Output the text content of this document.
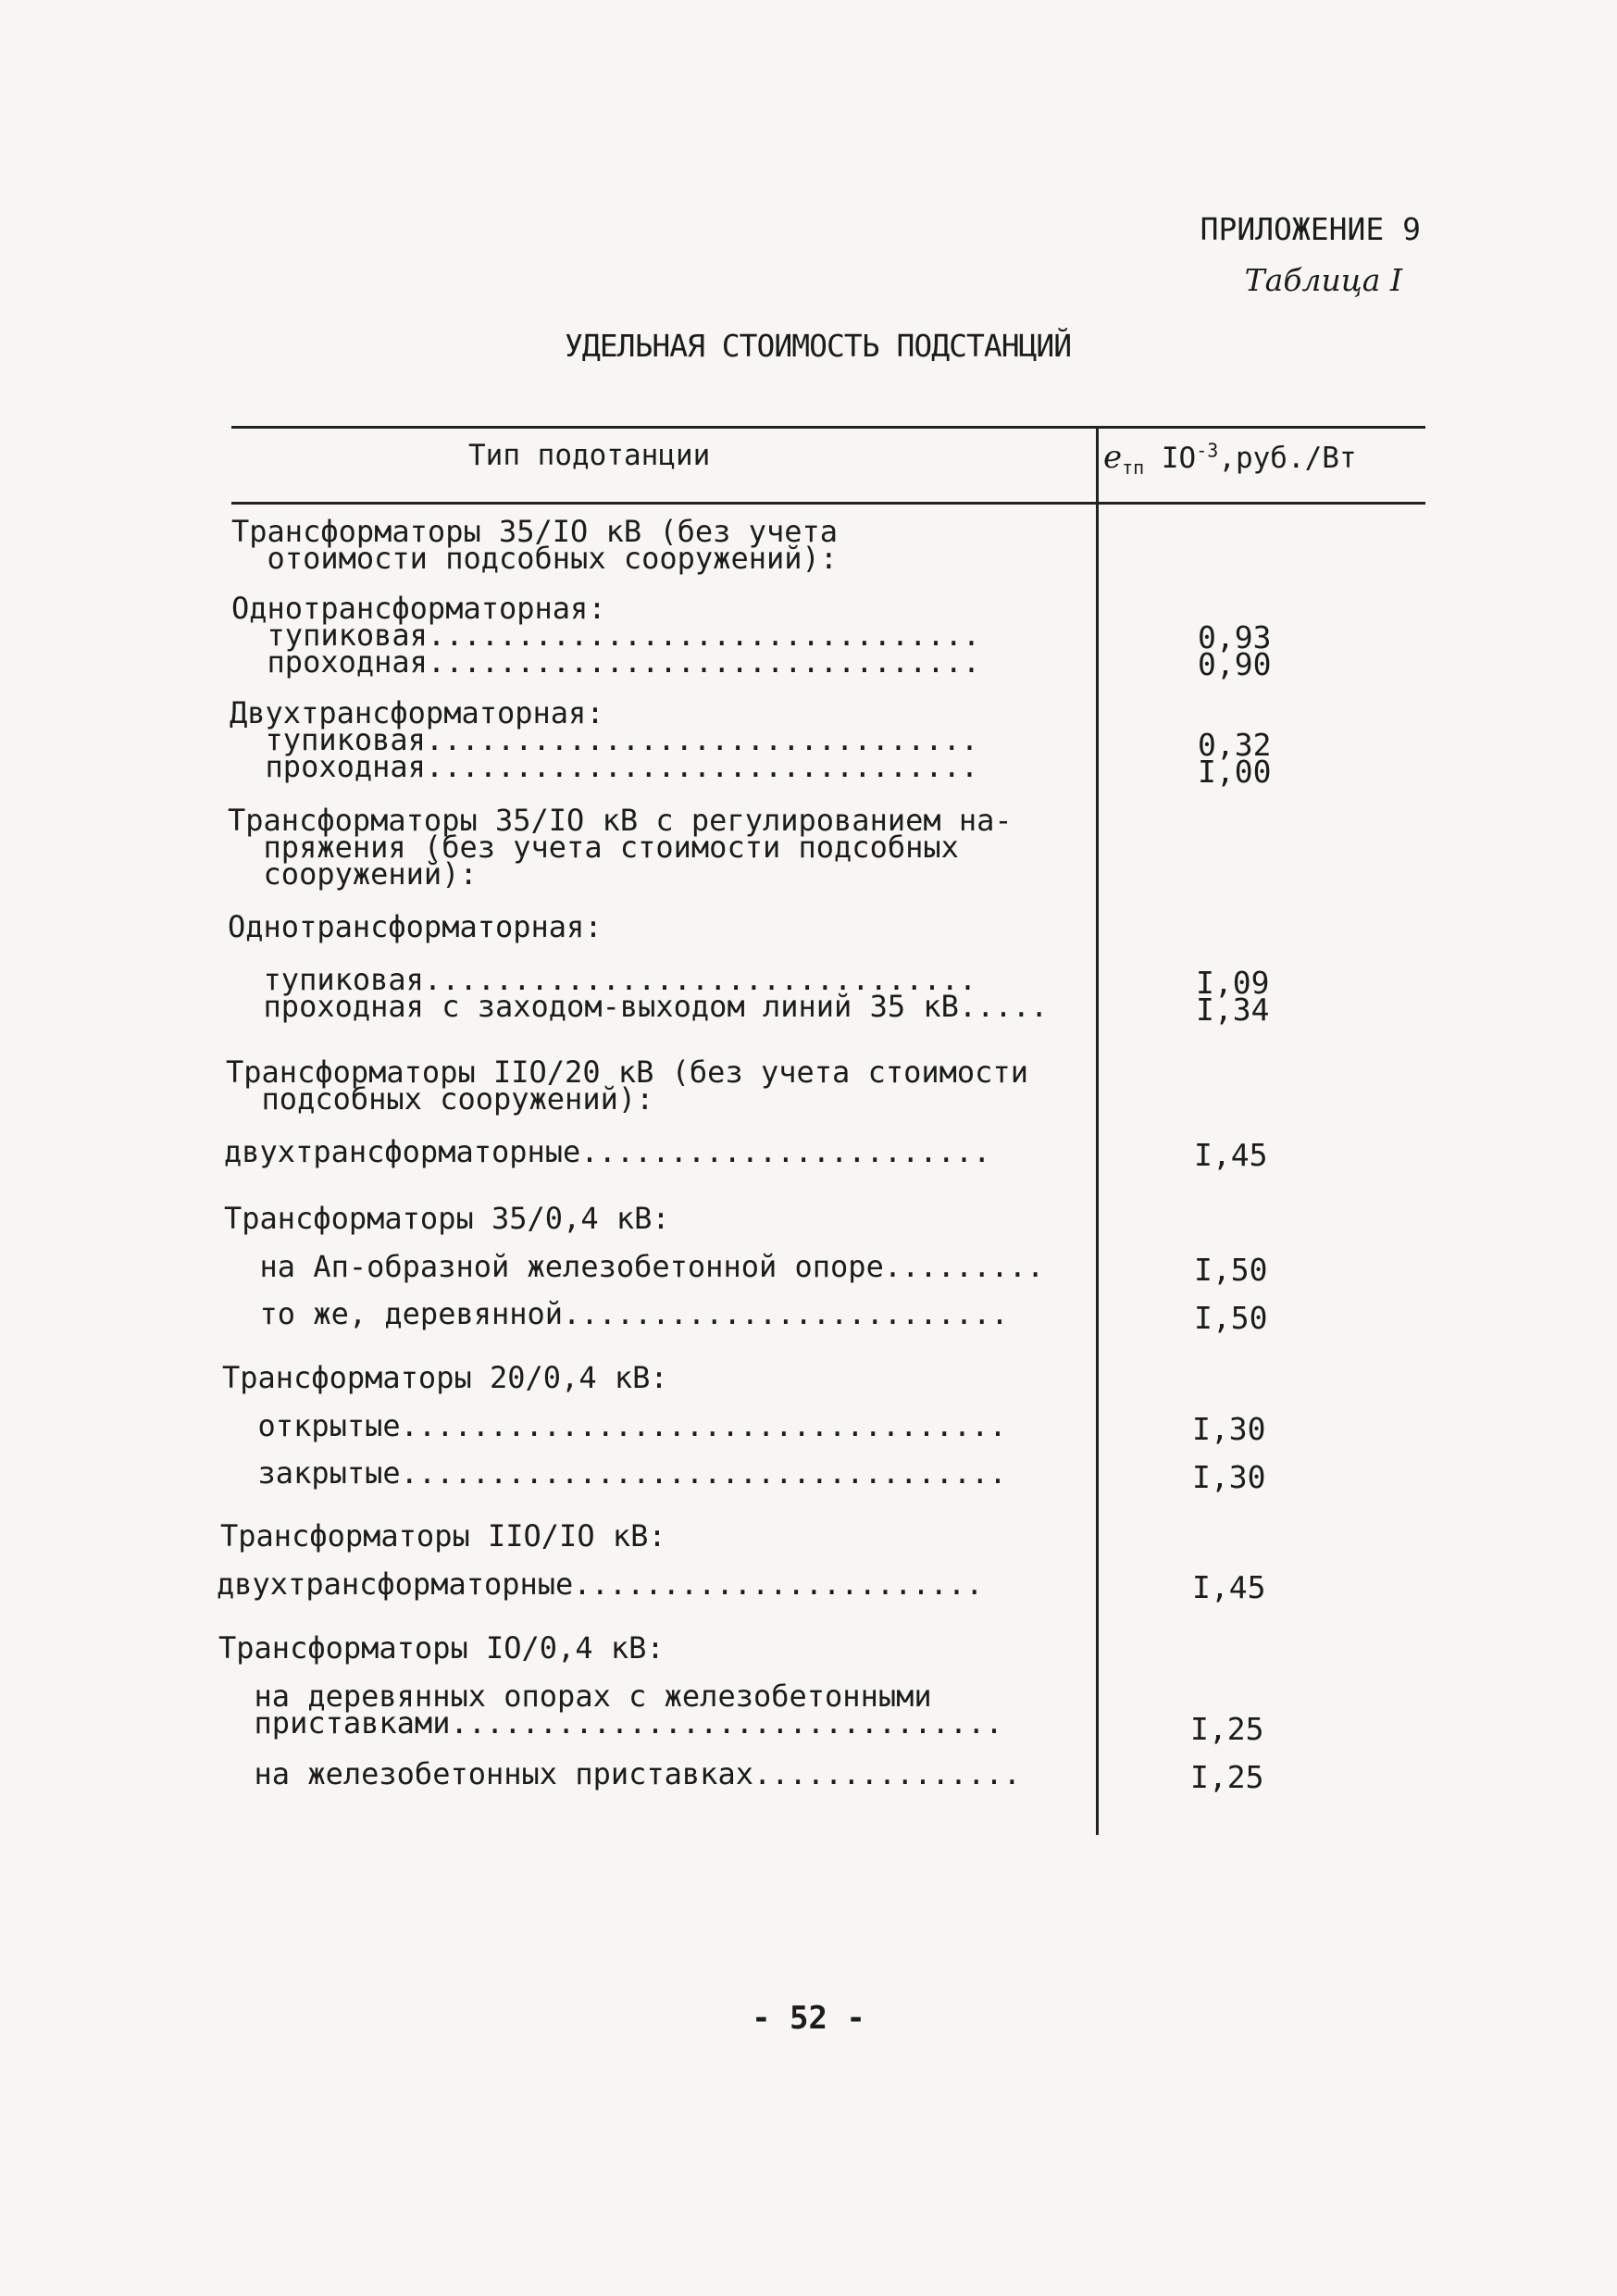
ПРИЛОЖЕНИЕ 9
Таблица I
УДЕЛЬНАЯ СТОИМОСТЬ ПОДСТАНЦИЙ
Тип подотанции	$e_{тп}$ $IO^{-3},руб./Вт$
Трансформаторы 35/IO кВ (без учета
отоимости подсобных сооружений):
Однотрансформаторная:
тупиковая...............................
проходная...............................
Двухтрансформаторная:
тупиковая...............................
проходная...............................
Трансформаторы 35/IO кВ с регулированием на-
пряжения (без учета стоимости подсобных
сооружений):
Однотрансформаторная:
тупиковая...............................
проходная с заходом-выходом линий 35 кВ.....
Трансформаторы IIO/20 кВ (без учета стоимости
подсобных сооружений):
двухтрансформаторные.......................
Трансформаторы 35/0,4 кВ:
на Ап-образной железобетонной опоре.........
то же, деревянной.........................
Трансформаторы 20/0,4 кВ:
открытые..................................
закрытые..................................
Трансформаторы IIO/IO кВ:
двухтрансформаторные.......................
Трансформаторы IO/0,4 кВ:
на деревянных опорах с железобетонными
приставками...............................
на железобетонных приставках...............
0,93
0,90
0,32
I,00
I,09
I,34
I,45
I,50
I,50
I,30
I,30
I,45
I,25
I,25
- 52 -
